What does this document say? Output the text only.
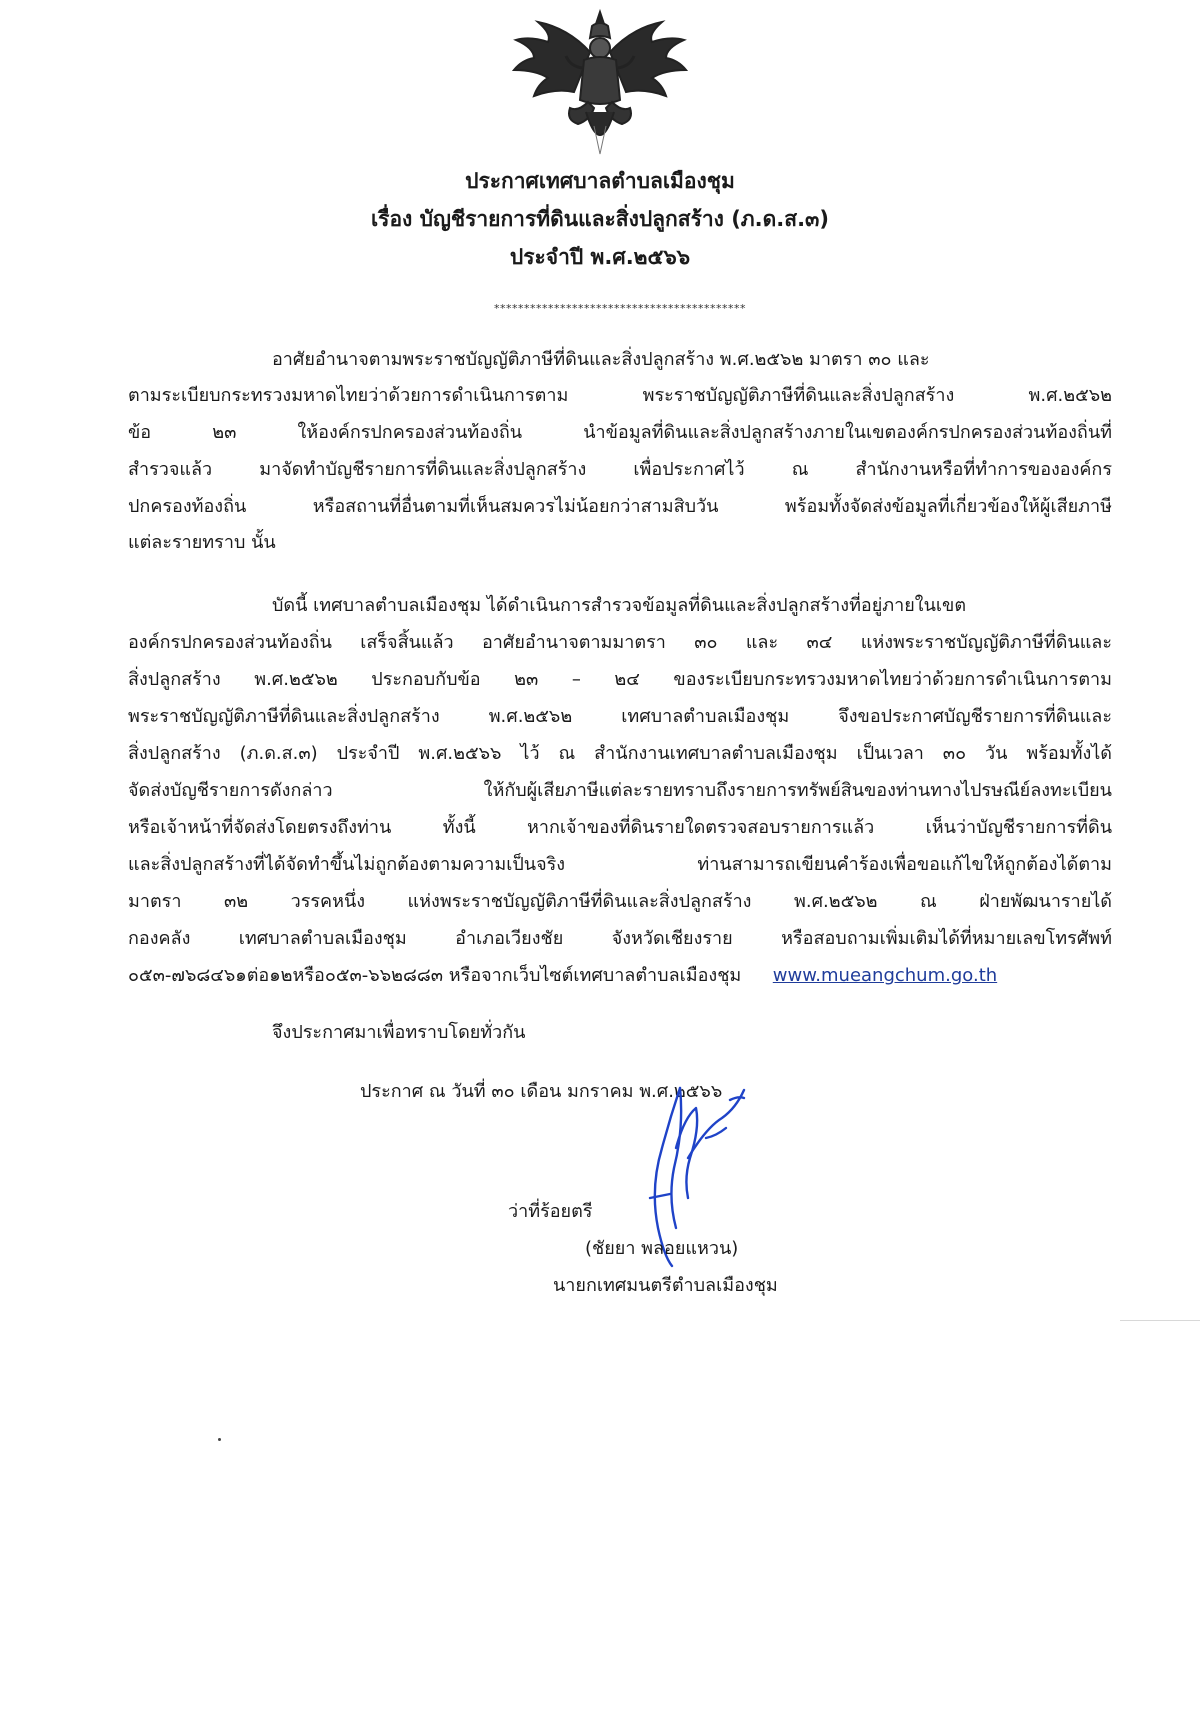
ประกาศเทศบาลตำบลเมืองชุม
เรื่อง บัญชีรายการที่ดินและสิ่งปลูกสร้าง (ภ.ด.ส.๓)
ประจำปี พ.ศ.๒๕๖๖
******************************************
อาศัยอำนาจตามพระราชบัญญัติภาษีที่ดินและสิ่งปลูกสร้าง พ.ศ.๒๕๖๒ มาตรา ๓๐ และ
ตามระเบียบกระทรวงมหาดไทยว่าด้วยการดำเนินการตาม พระราชบัญญัติภาษีที่ดินและสิ่งปลูกสร้าง พ.ศ.๒๕๖๒
ข้อ ๒๓ ให้องค์กรปกครองส่วนท้องถิ่น นำข้อมูลที่ดินและสิ่งปลูกสร้างภายในเขตองค์กรปกครองส่วนท้องถิ่นที่
สำรวจแล้ว มาจัดทำบัญชีรายการที่ดินและสิ่งปลูกสร้าง เพื่อประกาศไว้ ณ สำนักงานหรือที่ทำการขององค์กร
ปกครองท้องถิ่น หรือสถานที่อื่นตามที่เห็นสมควรไม่น้อยกว่าสามสิบวัน พร้อมทั้งจัดส่งข้อมูลที่เกี่ยวข้องให้ผู้เสียภาษี
แต่ละรายทราบ นั้น
บัดนี้ เทศบาลตำบลเมืองชุม ได้ดำเนินการสำรวจข้อมูลที่ดินและสิ่งปลูกสร้างที่อยู่ภายในเขต
องค์กรปกครองส่วนท้องถิ่น เสร็จสิ้นแล้ว อาศัยอำนาจตามมาตรา ๓๐ และ ๓๔ แห่งพระราชบัญญัติภาษีที่ดินและ
สิ่งปลูกสร้าง พ.ศ.๒๕๖๒ ประกอบกับข้อ ๒๓ – ๒๔ ของระเบียบกระทรวงมหาดไทยว่าด้วยการดำเนินการตาม
พระราชบัญญัติภาษีที่ดินและสิ่งปลูกสร้าง พ.ศ.๒๕๖๒ เทศบาลตำบลเมืองชุม จึงขอประกาศบัญชีรายการที่ดินและ
สิ่งปลูกสร้าง (ภ.ด.ส.๓) ประจำปี พ.ศ.๒๕๖๖ ไว้ ณ สำนักงานเทศบาลตำบลเมืองชุม เป็นเวลา ๓๐ วัน พร้อมทั้งได้
จัดส่งบัญชีรายการดังกล่าว ให้กับผู้เสียภาษีแต่ละรายทราบถึงรายการทรัพย์สินของท่านทางไปรษณีย์ลงทะเบียน
หรือเจ้าหน้าที่จัดส่งโดยตรงถึงท่าน ทั้งนี้ หากเจ้าของที่ดินรายใดตรวจสอบรายการแล้ว เห็นว่าบัญชีรายการที่ดิน
และสิ่งปลูกสร้างที่ได้จัดทำขึ้นไม่ถูกต้องตามความเป็นจริง ท่านสามารถเขียนคำร้องเพื่อขอแก้ไขให้ถูกต้องได้ตาม
มาตรา ๓๒ วรรคหนึ่ง แห่งพระราชบัญญัติภาษีที่ดินและสิ่งปลูกสร้าง พ.ศ.๒๕๖๒ ณ ฝ่ายพัฒนารายได้
กองคลัง เทศบาลตำบลเมืองชุม อำเภอเวียงชัย จังหวัดเชียงราย หรือสอบถามเพิ่มเติมได้ที่หมายเลขโทรศัพท์
๐๕๓-๗๖๘๔๖๑ต่อ๑๒หรือ๐๕๓-๖๖๒๘๘๓ หรือจากเว็บไซต์เทศบาลตำบลเมืองชุม www.mueangchum.go.th
จึงประกาศมาเพื่อทราบโดยทั่วกัน
ประกาศ ณ วันที่ ๓๐ เดือน มกราคม พ.ศ.๒๕๖๖
ว่าที่ร้อยตรี
(ชัยยา พลอยแหวน)
นายกเทศมนตรีตำบลเมืองชุม
